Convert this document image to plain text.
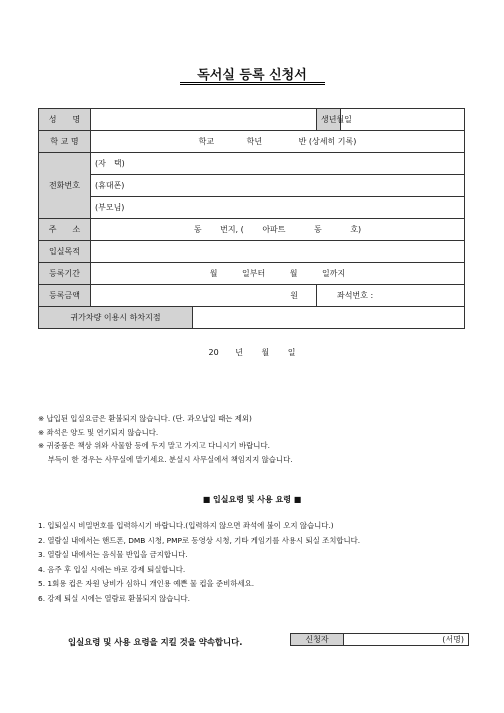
독서실 등록 신청서
성　　명			생년월일	
학 교 명	학교 학년 반 (상세히 기록)			
전화번호	(자　택)			
	(휴대폰)			
	(부모님)			
주　　소	동 번지, ( 아파트 동 호)			
입실목적				
등록기간	월 일부터 월 일까지			
등록금액	원		좌석번호 :	
귀가차량 이용시 하차지점				
20 년 월 일
※ 납입된 입실요금은 환불되지 않습니다. (단. 과오납일 때는 제외)
※ 좌석은 양도 및 연기되지 않습니다.
※ 귀중품은 책상 위와 사물함 등에 두지 말고 가지고 다니시기 바랍니다.
　 부득이 한 경우는 사무실에 맡기세요. 분실시 사무실에서 책임지지 않습니다.
■ 입실요령 및 사용 요령 ■
1. 입퇴실시 비밀번호를 입력하시기 바랍니다.(입력하지 않으면 좌석에 불이 오지 않습니다.)
2. 열람실 내에서는 핸드폰, DMB 시청, PMP로 동영상 시청, 기타 게임기를 사용시 퇴실 조치합니다.
3. 열람실 내에서는 음식물 반입을 금지합니다.
4. 음주 후 입실 시에는 바로 강제 퇴실합니다.
5. 1회용 컵은 자원 낭비가 심하니 개인용 예쁜 물 컵을 준비하세요.
6. 강제 퇴실 시에는 열람료 환불되지 않습니다.
입실요령 및 사용 요령을 지킬 것을 약속합니다.	신청자	(서명)
